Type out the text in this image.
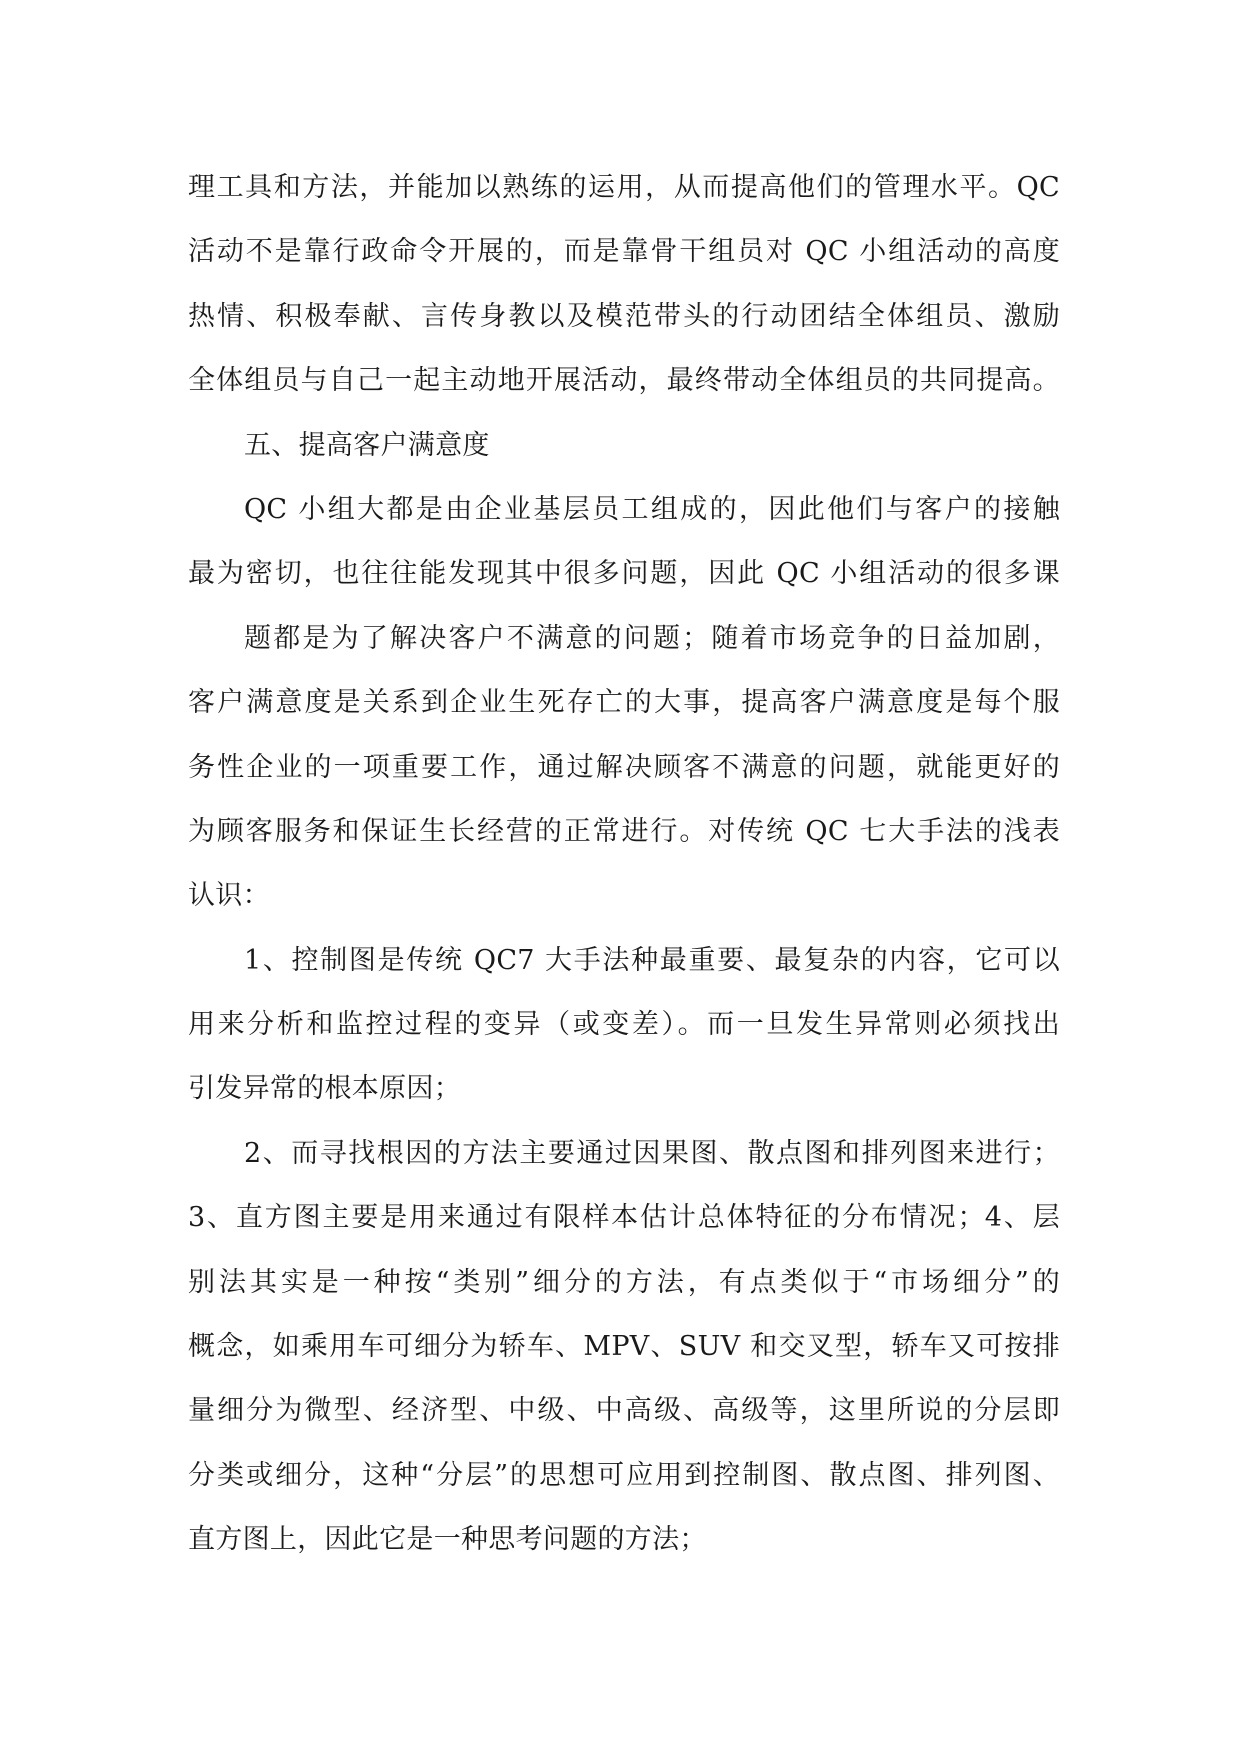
理工具和方法，并能加以熟练的运用，从而提高他们的管理水平。QC
活动不是靠行政命令开展的，而是靠骨干组员对 QC 小组活动的高度
热情、积极奉献、言传身教以及模范带头的行动团结全体组员、激励
全体组员与自己一起主动地开展活动，最终带动全体组员的共同提高。
五、提高客户满意度
QC 小组大都是由企业基层员工组成的，因此他们与客户的接触
最为密切，也往往能发现其中很多问题，因此 QC 小组活动的很多课
题都是为了解决客户不满意的问题；随着市场竞争的日益加剧，
客户满意度是关系到企业生死存亡的大事，提高客户满意度是每个服
务性企业的一项重要工作，通过解决顾客不满意的问题，就能更好的
为顾客服务和保证生长经营的正常进行。对传统 QC 七大手法的浅表
认识：
1、控制图是传统 QC7 大手法种最重要、最复杂的内容，它可以
用来分析和监控过程的变异（或变差）。而一旦发生异常则必须找出
引发异常的根本原因；
2、而寻找根因的方法主要通过因果图、散点图和排列图来进行；
3、直方图主要是用来通过有限样本估计总体特征的分布情况；4、层
别法其实是一种按“类别”细分的方法，有点类似于“市场细分”的
概念，如乘用车可细分为轿车、MPV、SUV 和交叉型，轿车又可按排
量细分为微型、经济型、中级、中高级、高级等，这里所说的分层即
分类或细分，这种“分层”的思想可应用到控制图、散点图、排列图、
直方图上，因此它是一种思考问题的方法；
